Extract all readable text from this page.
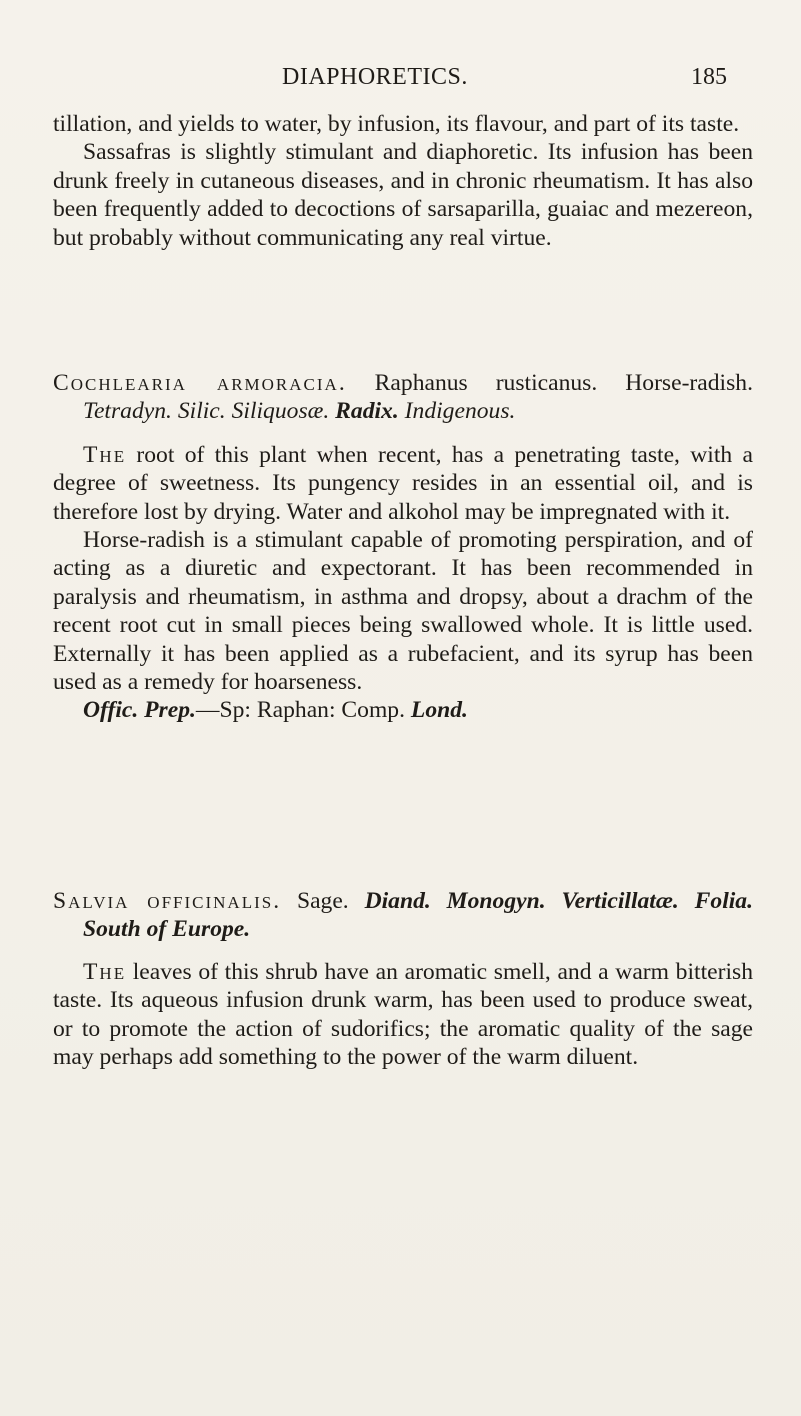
DIAPHORETICS.	185

tillation, and yields to water, by infusion, its flavour, and part of its taste.

Sassafras is slightly stimulant and diaphoretic. Its infusion has been drunk freely in cutaneous diseases, and in chronic rheumatism. It has also been frequently added to decoctions of sarsaparilla, guaiac and mezereon, but probably without communicating any real virtue.

Cochlearia armoracia. Raphanus rusticanus. Horse-radish. Tetradyn. Silic. Siliquosæ. Radix. Indigenous.

The root of this plant when recent, has a penetrating taste, with a degree of sweetness. Its pungency resides in an essential oil, and is therefore lost by drying. Water and alkohol may be impregnated with it.

Horse-radish is a stimulant capable of promoting perspiration, and of acting as a diuretic and expectorant. It has been recommended in paralysis and rheumatism, in asthma and dropsy, about a drachm of the recent root cut in small pieces being swallowed whole. It is little used. Externally it has been applied as a rubefacient, and its syrup has been used as a remedy for hoarseness.

Offic. Prep.—Sp: Raphan: Comp. Lond.

Salvia officinalis. Sage. Diand. Monogyn. Verticillatæ. Folia. South of Europe.

The leaves of this shrub have an aromatic smell, and a warm bitterish taste. Its aqueous infusion drunk warm, has been used to produce sweat, or to promote the action of sudorifics; the aromatic quality of the sage may perhaps add something to the power of the warm diluent.
